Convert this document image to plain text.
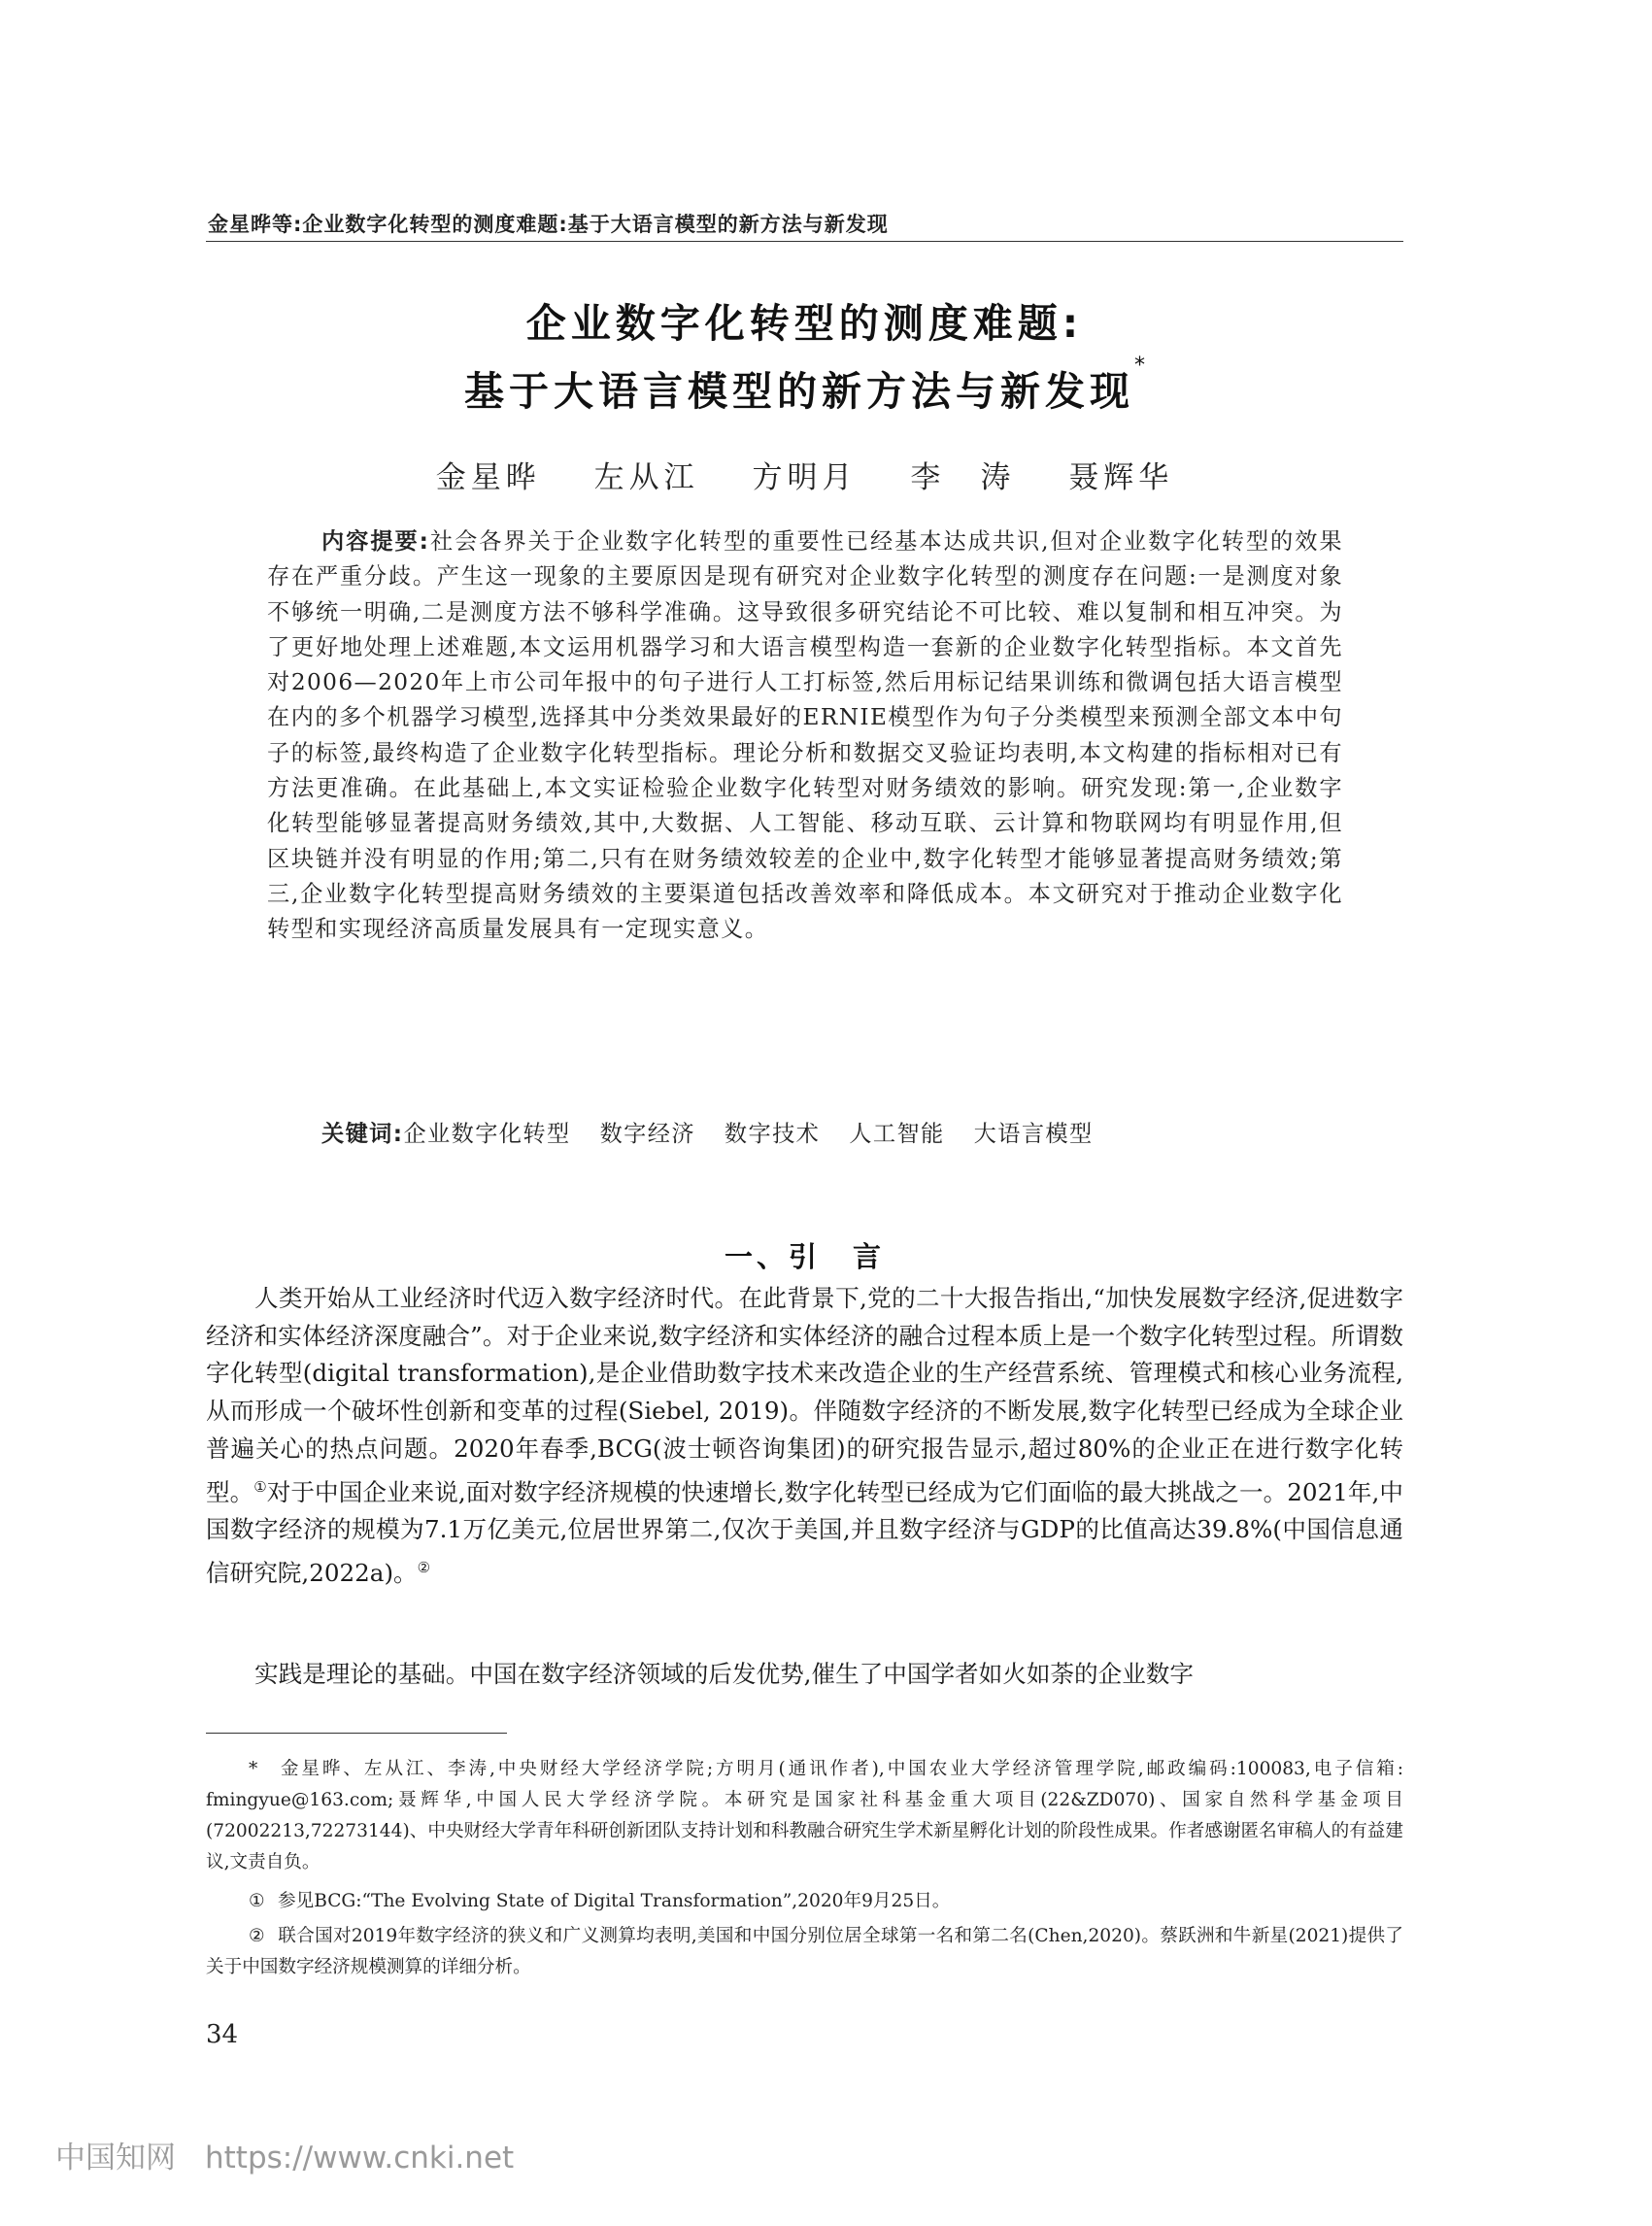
金星晔等:企业数字化转型的测度难题:基于大语言模型的新方法与新发现
企业数字化转型的测度难题:
基于大语言模型的新方法与新发现*
金星晔 左从江 方明月 李　涛 聂辉华

内容提要:社会各界关于企业数字化转型的重要性已经基本达成共识,但对企业数字化转型的效果存在严重分歧。产生这一现象的主要原因是现有研究对企业数字化转型的测度存在问题:一是测度对象不够统一明确,二是测度方法不够科学准确。这导致很多研究结论不可比较、难以复制和相互冲突。为了更好地处理上述难题,本文运用机器学习和大语言模型构造一套新的企业数字化转型指标。本文首先对2006—2020年上市公司年报中的句子进行人工打标签,然后用标记结果训练和微调包括大语言模型在内的多个机器学习模型,选择其中分类效果最好的ERNIE模型作为句子分类模型来预测全部文本中句子的标签,最终构造了企业数字化转型指标。理论分析和数据交叉验证均表明,本文构建的指标相对已有方法更准确。在此基础上,本文实证检验企业数字化转型对财务绩效的影响。研究发现:第一,企业数字化转型能够显著提高财务绩效,其中,大数据、人工智能、移动互联、云计算和物联网均有明显作用,但区块链并没有明显的作用;第二,只有在财务绩效较差的企业中,数字化转型才能够显著提高财务绩效;第三,企业数字化转型提高财务绩效的主要渠道包括改善效率和降低成本。本文研究对于推动企业数字化转型和实现经济高质量发展具有一定现实意义。

关键词:企业数字化转型 数字经济 数字技术 人工智能 大语言模型
一、引　言

人类开始从工业经济时代迈入数字经济时代。在此背景下,党的二十大报告指出,“加快发展数字经济,促进数字经济和实体经济深度融合”。对于企业来说,数字经济和实体经济的融合过程本质上是一个数字化转型过程。所谓数字化转型(digital transformation),是企业借助数字技术来改造企业的生产经营系统、管理模式和核心业务流程,从而形成一个破坏性创新和变革的过程(Siebel, 2019)。伴随数字经济的不断发展,数字化转型已经成为全球企业普遍关心的热点问题。2020年春季,BCG(波士顿咨询集团)的研究报告显示,超过80%的企业正在进行数字化转型。①对于中国企业来说,面对数字经济规模的快速增长,数字化转型已经成为它们面临的最大挑战之一。2021年,中国数字经济的规模为7.1万亿美元,位居世界第二,仅次于美国,并且数字经济与GDP的比值高达39.8%(中国信息通信研究院,2022a)。②

实践是理论的基础。中国在数字经济领域的后发优势,催生了中国学者如火如荼的企业数字

* 金星晔、左从江、李涛,中央财经大学经济学院;方明月(通讯作者),中国农业大学经济管理学院,邮政编码:100083,电子信箱: fmingyue@163.com;聂辉华,中国人民大学经济学院。本研究是国家社科基金重大项目(22&ZD070)、国家自然科学基金项目(72002213,72273144)、中央财经大学青年科研创新团队支持计划和科教融合研究生学术新星孵化计划的阶段性成果。作者感谢匿名审稿人的有益建议,文责自负。

① 参见BCG:“The Evolving State of Digital Transformation”,2020年9月25日。

② 联合国对2019年数字经济的狭义和广义测算均表明,美国和中国分别位居全球第一名和第二名(Chen,2020)。蔡跃洲和牛新星(2021)提供了关于中国数字经济规模测算的详细分析。

34
中国知网 https://www.cnki.net
